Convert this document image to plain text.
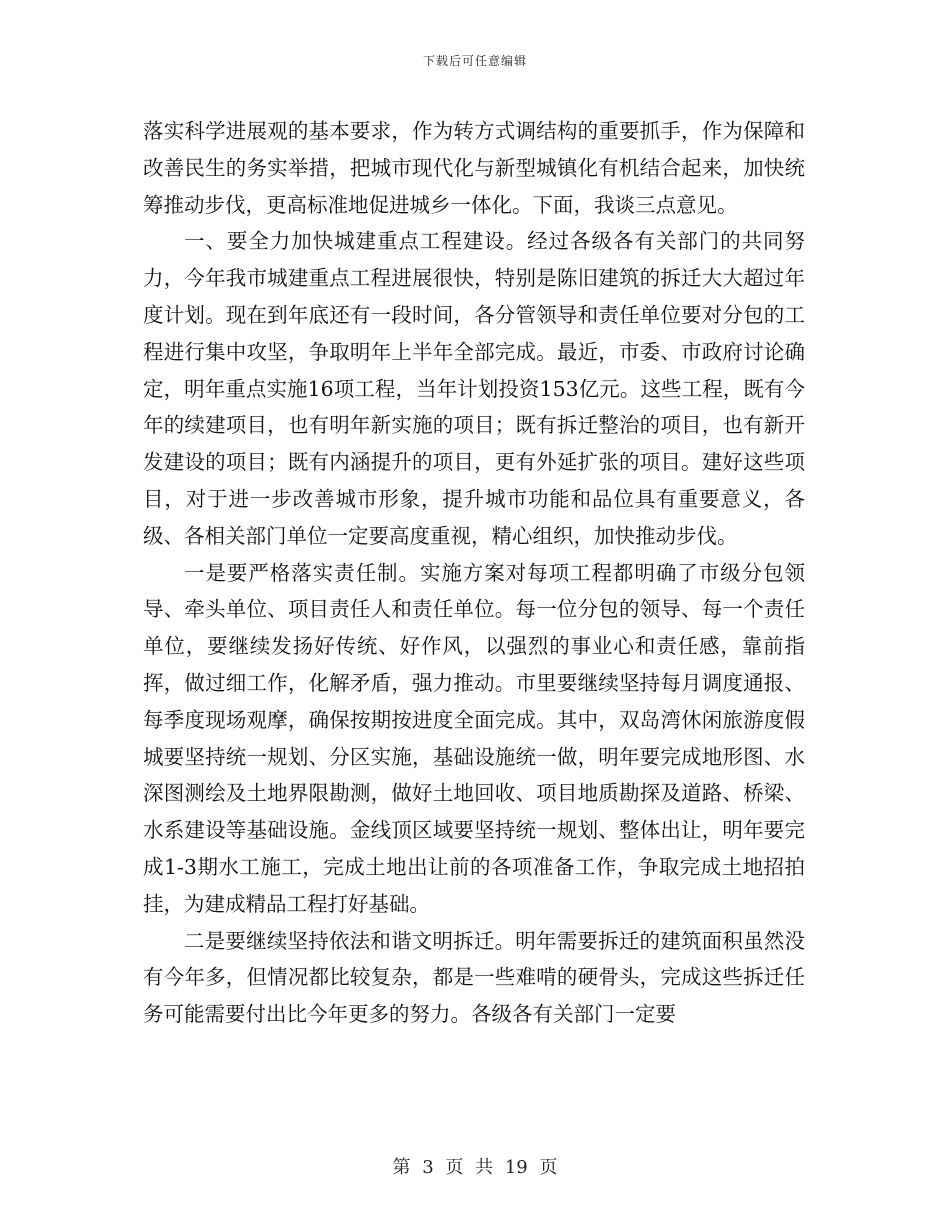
下载后可任意编辑

落实科学进展观的基本要求，作为转方式调结构的重要抓手，作为保障和改善民生的务实举措，把城市现代化与新型城镇化有机结合起来，加快统筹推动步伐，更高标准地促进城乡一体化。下面，我谈三点意见。

一、要全力加快城建重点工程建设。经过各级各有关部门的共同努力，今年我市城建重点工程进展很快，特别是陈旧建筑的拆迁大大超过年度计划。现在到年底还有一段时间，各分管领导和责任单位要对分包的工程进行集中攻坚，争取明年上半年全部完成。最近，市委、市政府讨论确定，明年重点实施16项工程，当年计划投资153亿元。这些工程，既有今年的续建项目，也有明年新实施的项目；既有拆迁整治的项目，也有新开发建设的项目；既有内涵提升的项目，更有外延扩张的项目。建好这些项目，对于进一步改善城市形象，提升城市功能和品位具有重要意义，各级、各相关部门单位一定要高度重视，精心组织，加快推动步伐。

一是要严格落实责任制。实施方案对每项工程都明确了市级分包领导、牵头单位、项目责任人和责任单位。每一位分包的领导、每一个责任单位，要继续发扬好传统、好作风，以强烈的事业心和责任感，靠前指挥，做过细工作，化解矛盾，强力推动。市里要继续坚持每月调度通报、每季度现场观摩，确保按期按进度全面完成。其中，双岛湾休闲旅游度假城要坚持统一规划、分区实施，基础设施统一做，明年要完成地形图、水深图测绘及土地界限勘测，做好土地回收、项目地质勘探及道路、桥梁、水系建设等基础设施。金线顶区域要坚持统一规划、整体出让，明年要完成1-3期水工施工，完成土地出让前的各项准备工作，争取完成土地招拍挂，为建成精品工程打好基础。

二是要继续坚持依法和谐文明拆迁。明年需要拆迁的建筑面积虽然没有今年多，但情况都比较复杂，都是一些难啃的硬骨头，完成这些拆迁任务可能需要付出比今年更多的努力。各级各有关部门一定要

第 3 页 共 19 页
